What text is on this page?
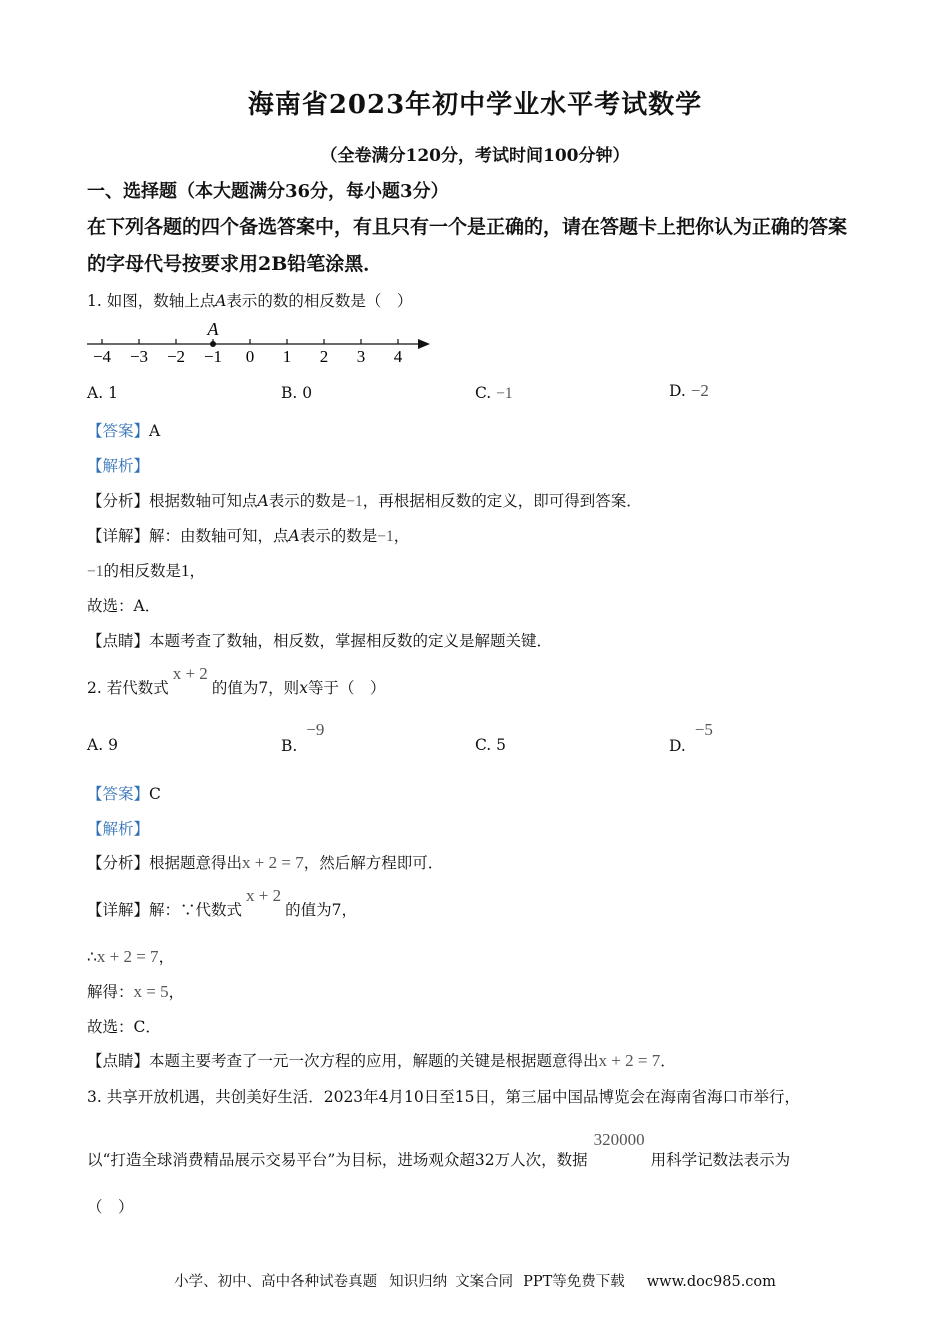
海南省2023年初中学业水平考试数学
（全卷满分120分，考试时间100分钟）
一、选择题（本大题满分36分，每小题3分）
在下列各题的四个备选答案中，有且只有一个是正确的，请在答题卡上把你认为正确的答案
的字母代号按要求用2B铅笔涂黑．
1. 如图，数轴上点A表示的数的相反数是（　）
−4 −3 −2 −1 0 1 2 3 4
A
A. 1	B. 0	C. −1	D. −2
【答案】A
【解析】
【分析】根据数轴可知点A表示的数是−1，再根据相反数的定义，即可得到答案．
【详解】解：由数轴可知，点A表示的数是−1，
−1的相反数是1，
故选：A．
【点睛】本题考查了数轴，相反数，掌握相反数的定义是解题关键．
2. 若代数式x + 2的值为7，则x等于（　）
A. 9	B. −9
C. 5	D. −5
【答案】C
【解析】
【分析】根据题意得出x + 2 = 7，然后解方程即可．
【详解】解：∵代数式x + 2的值为7，
∴x + 2 = 7，
解得：x = 5，
故选：C．
【点睛】本题主要考查了一元一次方程的应用，解题的关键是根据题意得出x + 2 = 7．
3. 共享开放机遇，共创美好生活．2023年4月10日至15日，第三届中国品博览会在海南省海口市举行，
以“打造全球消费精品展示交易平台”为目标，进场观众超32万人次，数据320000用科学记数法表示为
（　）
小学、初中、高中各种试卷真题 知识归纳 文案合同 PPT等免费下载 www.doc985.com
